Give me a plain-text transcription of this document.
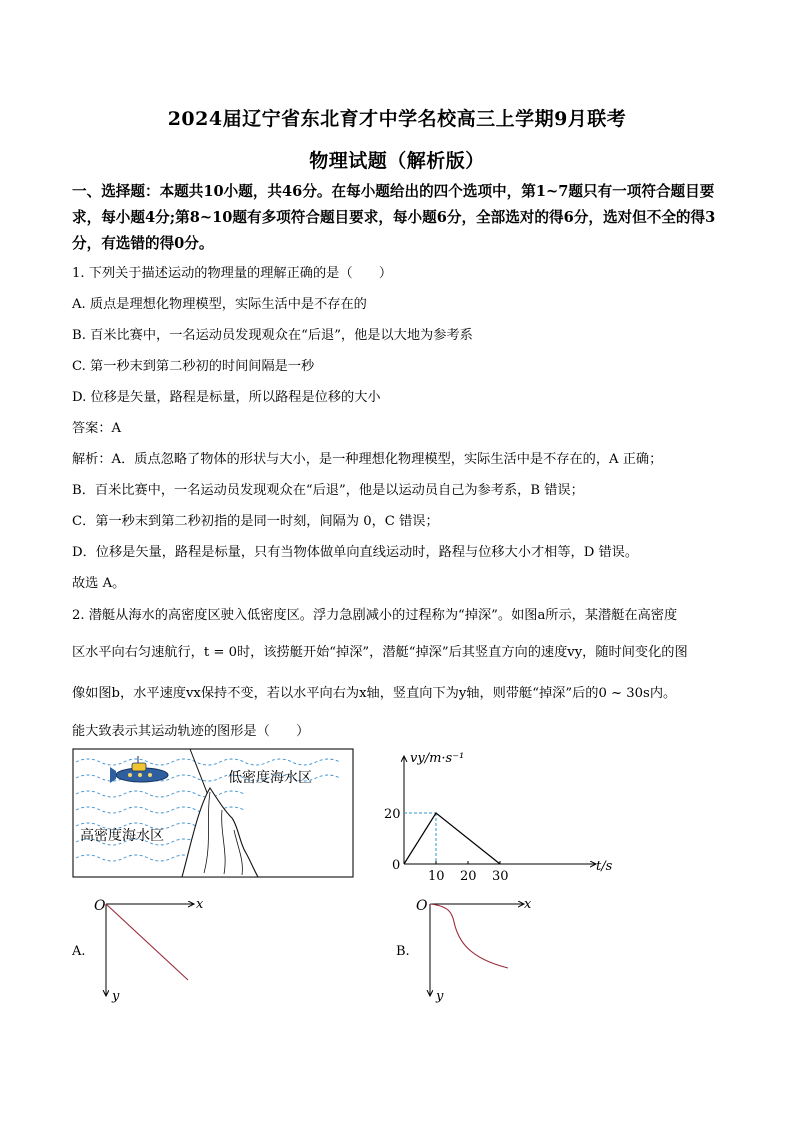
2024届辽宁省东北育才中学名校高三上学期9月联考
物理试题（解析版）
一、选择题：本题共10小题，共46分。在每小题给出的四个选项中，第1~7题只有一项符合题目要求，每小题4分;第8~10题有多项符合题目要求，每小题6分，全部选对的得6分，选对但不全的得3分，有选错的得0分。
1. 下列关于描述运动的物理量的理解正确的是（　　）
A. 质点是理想化物理模型，实际生活中是不存在的
B. 百米比赛中，一名运动员发现观众在“后退”，他是以大地为参考系
C. 第一秒末到第二秒初的时间间隔是一秒
D. 位移是矢量，路程是标量，所以路程是位移的大小
答案：A
解析：A．质点忽略了物体的形状与大小，是一种理想化物理模型，实际生活中是不存在的，A 正确；
B．百米比赛中，一名运动员发现观众在“后退”，他是以运动员自己为参考系，B 错误；
C．第一秒末到第二秒初指的是同一时刻，间隔为 0，C 错误；
D．位移是矢量，路程是标量，只有当物体做单向直线运动时，路程与位移大小才相等，D 错误。
故选 A。
2. 潜艇从海水的高密度区驶入低密度区。浮力急剧减小的过程称为“掉深”。如图a所示，某潜艇在高密度
区水平向右匀速航行，t = 0时，该捞艇开始“掉深”，潜艇“掉深”后其竖直方向的速度vy，随时间变化的图
像如图b，水平速度vx保持不变，若以水平向右为x轴，竖直向下为y轴，则带艇“掉深”后的0 ~ 30s内。
能大致表示其运动轨迹的图形是（　　）
低密度海水区
高密度海水区
vy/m·s⁻¹
t/s
0
10 20 30
20
O	x
y
A.
O	x
y
B.
